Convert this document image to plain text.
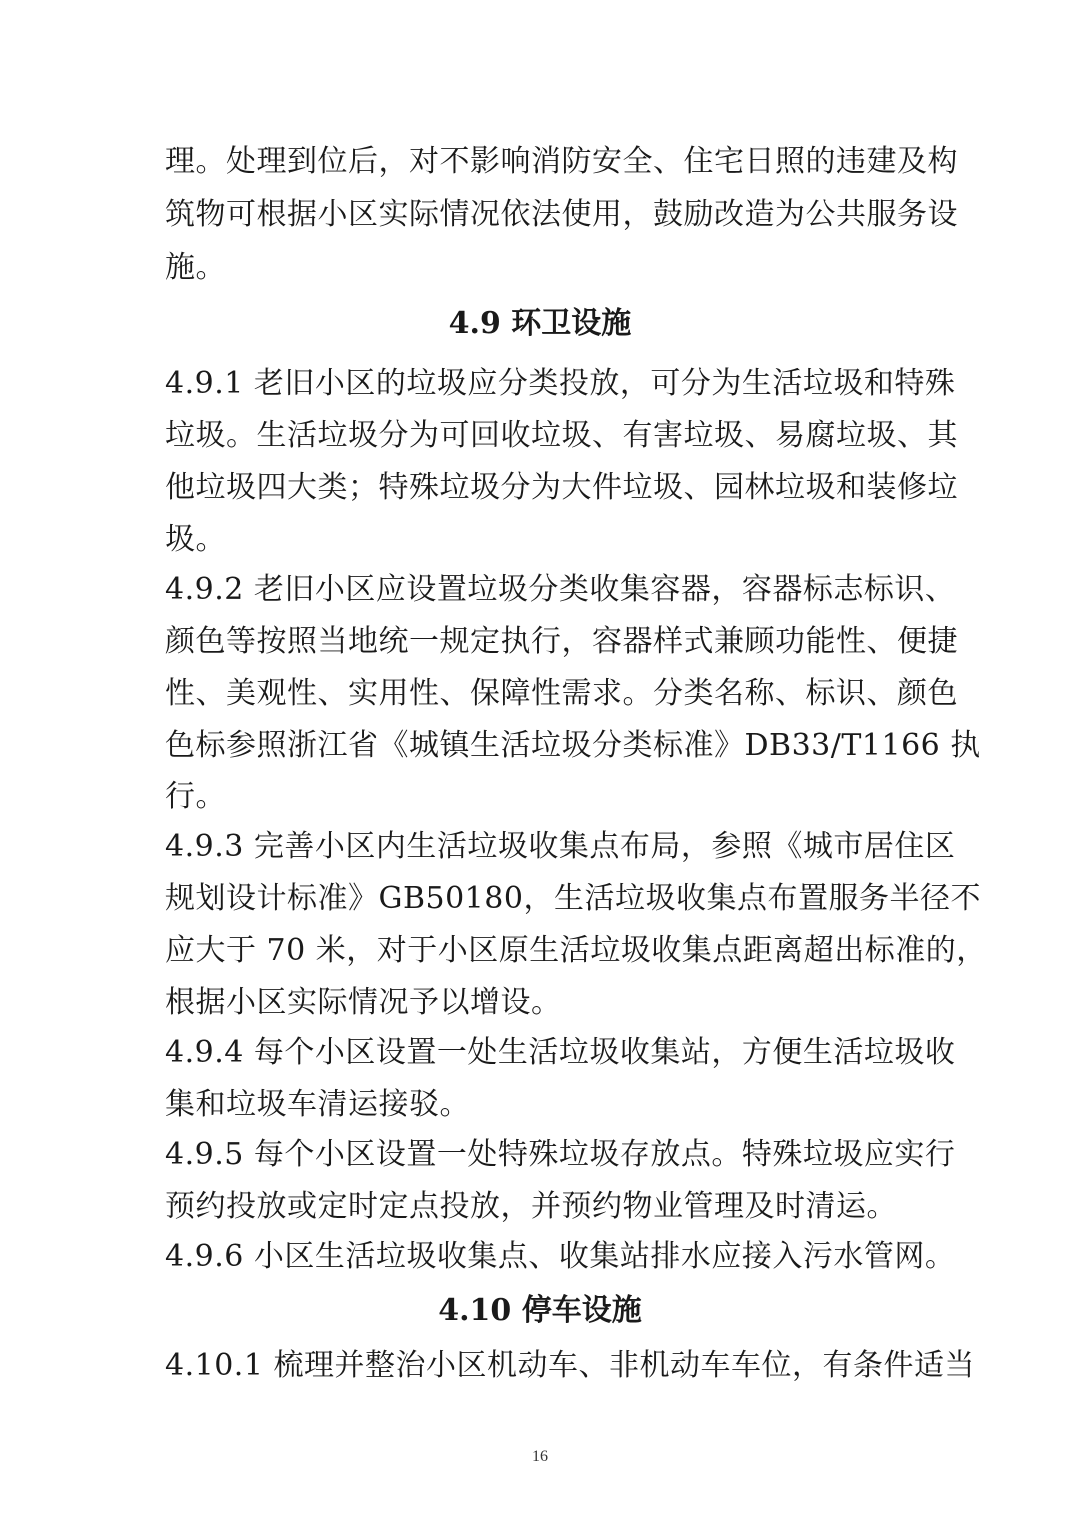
理。处理到位后，对不影响消防安全、住宅日照的违建及构
筑物可根据小区实际情况依法使用，鼓励改造为公共服务设
施。
4.9 环卫设施
4.9.1 老旧小区的垃圾应分类投放，可分为生活垃圾和特殊
垃圾。生活垃圾分为可回收垃圾、有害垃圾、易腐垃圾、其
他垃圾四大类；特殊垃圾分为大件垃圾、园林垃圾和装修垃
圾。
4.9.2 老旧小区应设置垃圾分类收集容器，容器标志标识、
颜色等按照当地统一规定执行，容器样式兼顾功能性、便捷
性、美观性、实用性、保障性需求。分类名称、标识、颜色
色标参照浙江省《城镇生活垃圾分类标准》DB33/T1166 执
行。
4.9.3 完善小区内生活垃圾收集点布局，参照《城市居住区
规划设计标准》GB50180，生活垃圾收集点布置服务半径不
应大于 70 米，对于小区原生活垃圾收集点距离超出标准的，
根据小区实际情况予以增设。
4.9.4 每个小区设置一处生活垃圾收集站，方便生活垃圾收
集和垃圾车清运接驳。
4.9.5 每个小区设置一处特殊垃圾存放点。特殊垃圾应实行
预约投放或定时定点投放，并预约物业管理及时清运。
4.9.6 小区生活垃圾收集点、收集站排水应接入污水管网。
4.10 停车设施
4.10.1 梳理并整治小区机动车、非机动车车位，有条件适当
16
